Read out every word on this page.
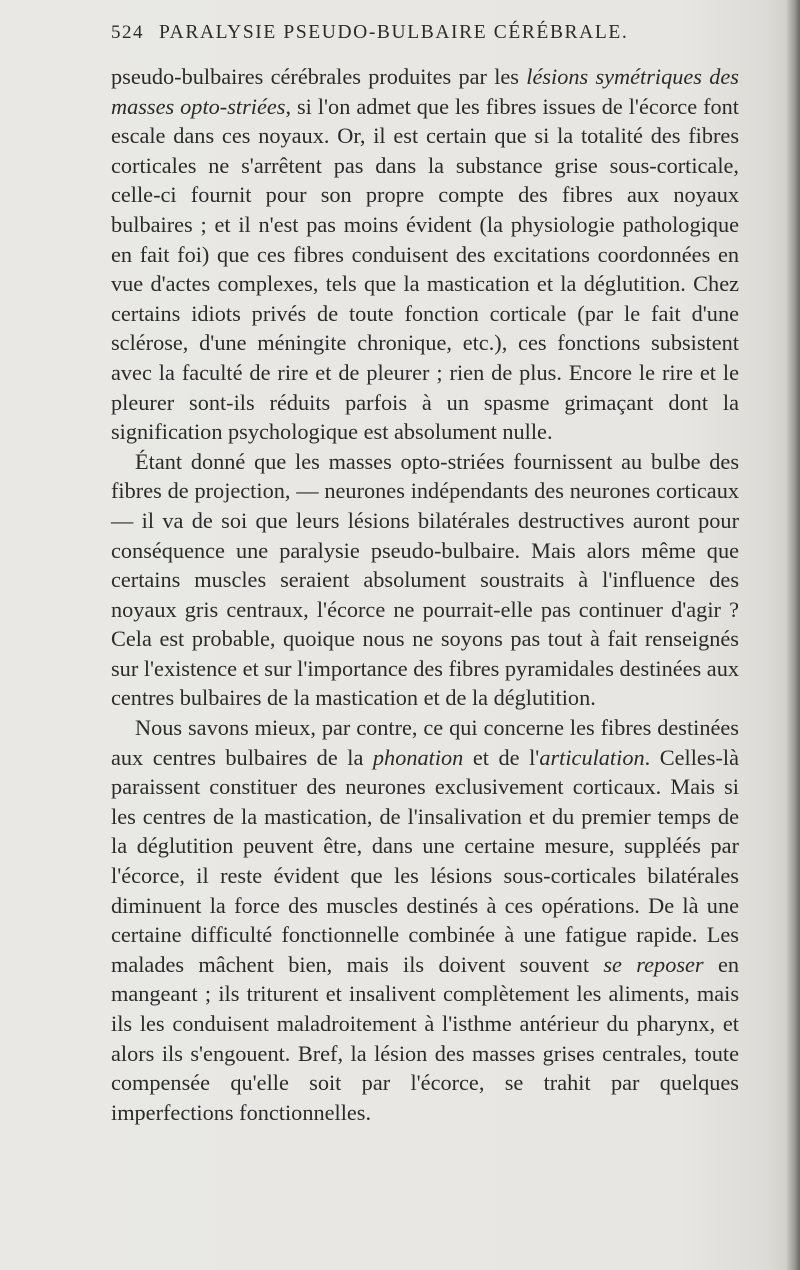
524 PARALYSIE PSEUDO-BULBAIRE CÉRÉBRALE.

pseudo-bulbaires cérébrales produites par les lésions symétriques des masses opto-striées, si l'on admet que les fibres issues de l'écorce font escale dans ces noyaux. Or, il est certain que si la totalité des fibres corticales ne s'arrêtent pas dans la substance grise sous-corticale, celle-ci fournit pour son propre compte des fibres aux noyaux bulbaires ; et il n'est pas moins évident (la physiologie pathologique en fait foi) que ces fibres conduisent des excitations coordonnées en vue d'actes complexes, tels que la mastication et la déglutition. Chez certains idiots privés de toute fonction corticale (par le fait d'une sclérose, d'une méningite chronique, etc.), ces fonctions subsistent avec la faculté de rire et de pleurer ; rien de plus. Encore le rire et le pleurer sont-ils réduits parfois à un spasme grimaçant dont la signification psychologique est absolument nulle.

Étant donné que les masses opto-striées fournissent au bulbe des fibres de projection, — neurones indépendants des neurones corticaux — il va de soi que leurs lésions bilatérales destructives auront pour conséquence une paralysie pseudo-bulbaire. Mais alors même que certains muscles seraient absolument soustraits à l'influence des noyaux gris centraux, l'écorce ne pourrait-elle pas continuer d'agir ? Cela est probable, quoique nous ne soyons pas tout à fait renseignés sur l'existence et sur l'importance des fibres pyramidales destinées aux centres bulbaires de la mastication et de la déglutition.

Nous savons mieux, par contre, ce qui concerne les fibres destinées aux centres bulbaires de la phonation et de l'articulation. Celles-là paraissent constituer des neurones exclusivement corticaux. Mais si les centres de la mastication, de l'insalivation et du premier temps de la déglutition peuvent être, dans une certaine mesure, suppléés par l'écorce, il reste évident que les lésions sous-corticales bilatérales diminuent la force des muscles destinés à ces opérations. De là une certaine difficulté fonctionnelle combinée à une fatigue rapide. Les malades mâchent bien, mais ils doivent souvent se reposer en mangeant ; ils triturent et insalivent complètement les aliments, mais ils les conduisent maladroitement à l'isthme antérieur du pharynx, et alors ils s'engouent. Bref, la lésion des masses grises centrales, toute compensée qu'elle soit par l'écorce, se trahit par quelques imperfections fonctionnelles.
